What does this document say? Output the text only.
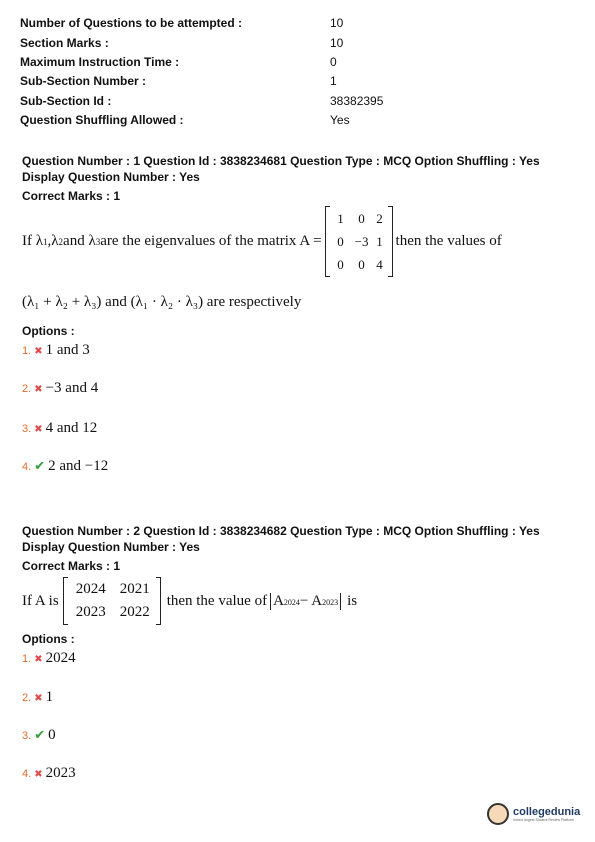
Number of Questions to be attempted :	10
Section Marks :	10
Maximum Instruction Time :	0
Sub-Section Number :	1
Sub-Section Id :	38382395
Question Shuffling Allowed :	Yes
Question Number : 1 Question Id : 3838234681 Question Type : MCQ Option Shuffling : Yes
Display Question Number : Yes
Correct Marks : 1
If λ 1 ,λ 2 and λ 3 are the eigenvalues of the matrix A =
1	0 2
0 −3 1
0	0 4
then the values of
(λ₁ + λ₂ + λ₃) and (λ₁ · λ₂ · λ₃) are respectively
Options :
1. ✖ 1 and 3
2. ✖ −3 and 4
3. ✖ 4 and 12
4. ✔ 2 and −12
Question Number : 2 Question Id : 3838234682 Question Type : MCQ Option Shuffling : Yes
Display Question Number : Yes
Correct Marks : 1
If A is
2024 2021
2023 2022
then the value of A 2024 − A 2023 is
Options :
1. ✖ 2024
2. ✖ 1
3. ✔ 0
4. ✖ 2023
collegedunia
India's largest Student Review Platform
